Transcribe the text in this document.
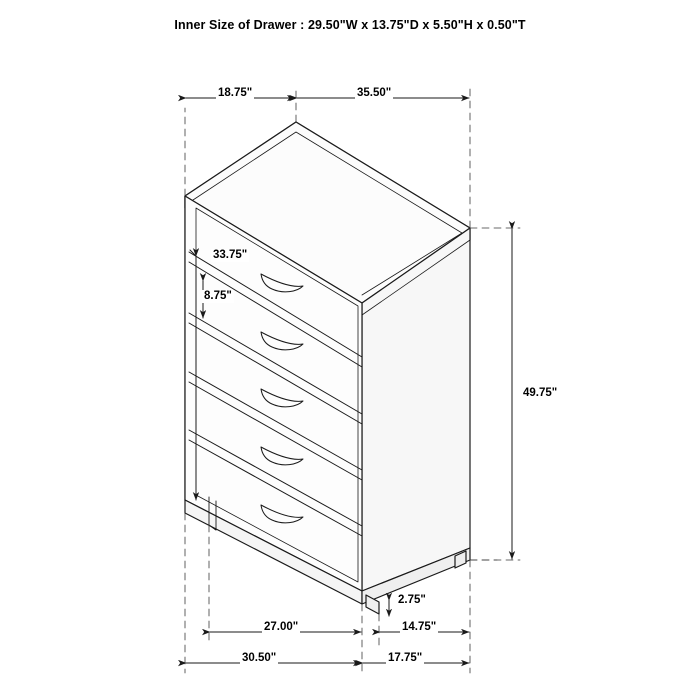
Inner Size of Drawer : 29.50"W x 13.75"D x 5.50"H x 0.50"T
18.75"	35.50"
33.75"
8.75"
49.75"
2.75"
27.00"	14.75"
30.50"	17.75"
